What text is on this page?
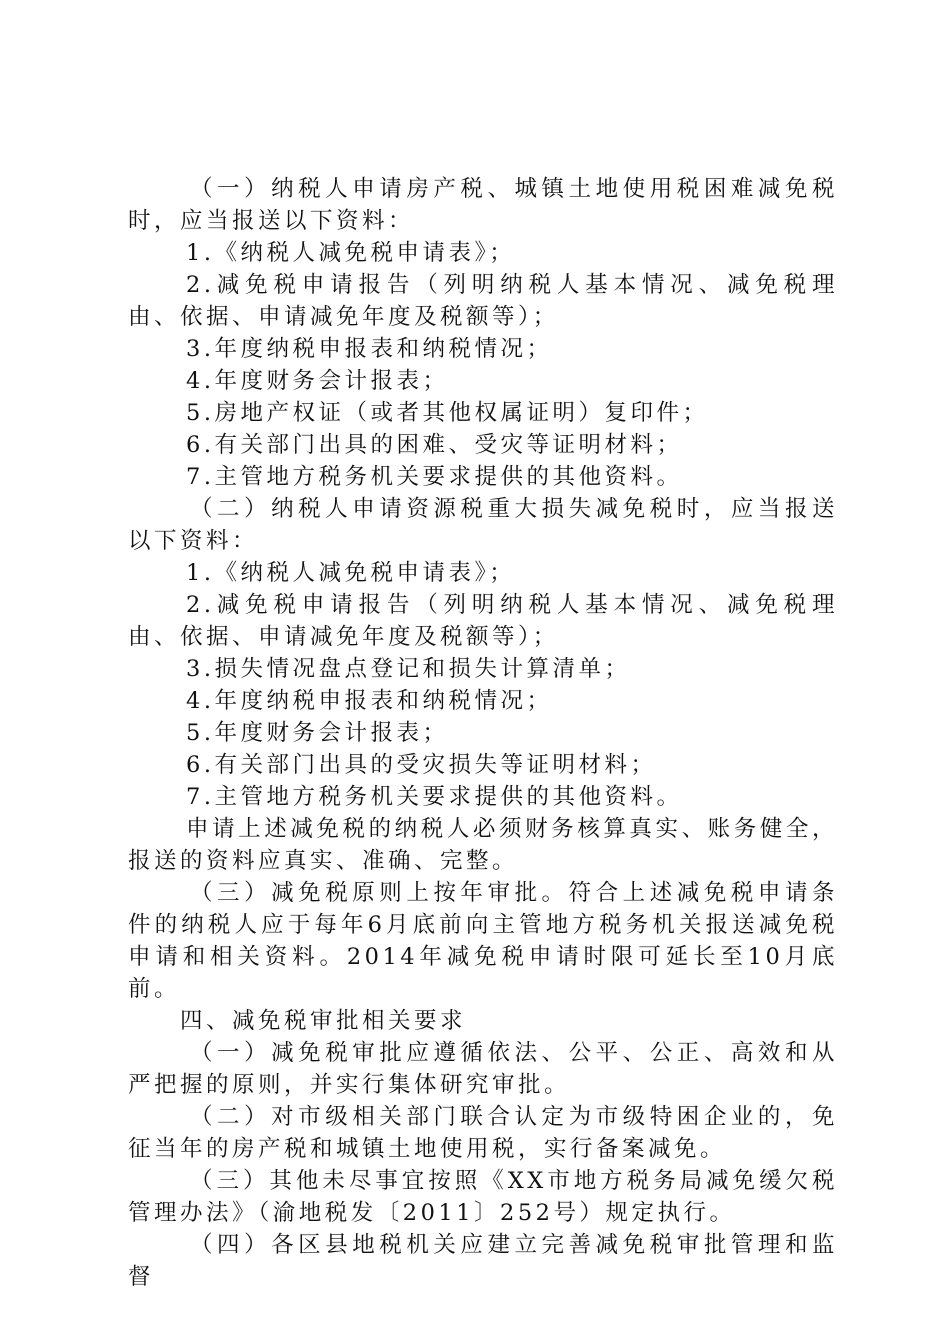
（一）纳税人申请房产税、城镇土地使用税困难减免税时，应当报送以下资料：

1.《纳税人减免税申请表》；

2.减免税申请报告（列明纳税人基本情况、减免税理由、依据、申请减免年度及税额等）；

3.年度纳税申报表和纳税情况；

4.年度财务会计报表；

5.房地产权证（或者其他权属证明）复印件；

6.有关部门出具的困难、受灾等证明材料；

7.主管地方税务机关要求提供的其他资料。

（二）纳税人申请资源税重大损失减免税时，应当报送以下资料：

1.《纳税人减免税申请表》；

2.减免税申请报告（列明纳税人基本情况、减免税理由、依据、申请减免年度及税额等）；

3.损失情况盘点登记和损失计算清单；

4.年度纳税申报表和纳税情况；

5.年度财务会计报表；

6.有关部门出具的受灾损失等证明材料；

7.主管地方税务机关要求提供的其他资料。

申请上述减免税的纳税人必须财务核算真实、账务健全，报送的资料应真实、准确、完整。

（三）减免税原则上按年审批。符合上述减免税申请条件的纳税人应于每年6月底前向主管地方税务机关报送减免税申请和相关资料。2014年减免税申请时限可延长至10月底前。

四、减免税审批相关要求

（一）减免税审批应遵循依法、公平、公正、高效和从严把握的原则，并实行集体研究审批。

（二）对市级相关部门联合认定为市级特困企业的，免征当年的房产税和城镇土地使用税，实行备案减免。

（三）其他未尽事宜按照《XX市地方税务局减免缓欠税管理办法》（渝地税发〔2011〕252号）规定执行。

（四）各区县地税机关应建立完善减免税审批管理和监督
